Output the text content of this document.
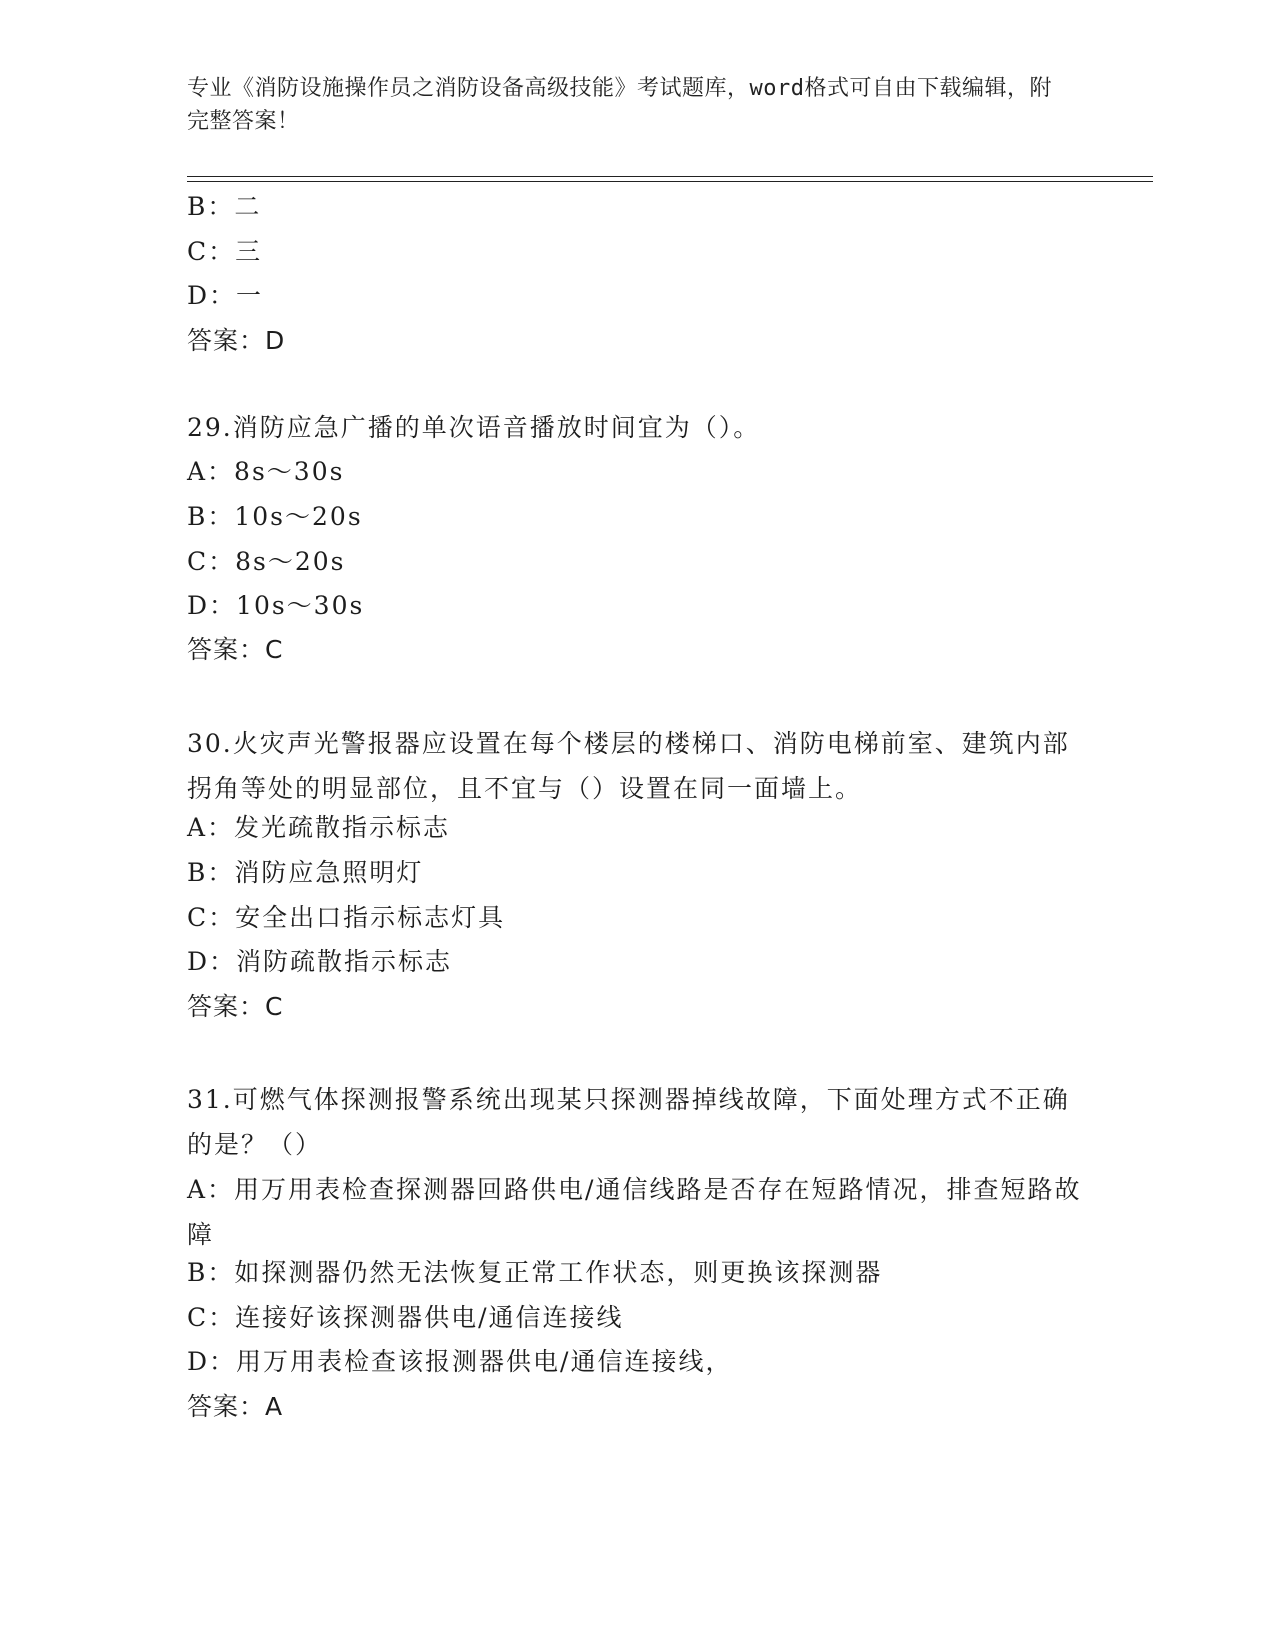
专业《消防设施操作员之消防设备高级技能》考试题库，word格式可自由下载编辑，附完整答案！
B：二
C：三
D：一
答案：D
29.消防应急广播的单次语音播放时间宜为（）。
A：8s～30s
B：10s～20s
C：8s～20s
D：10s～30s
答案：C
30.火灾声光警报器应设置在每个楼层的楼梯口、消防电梯前室、建筑内部拐角等处的明显部位，且不宜与（）设置在同一面墙上。
A：发光疏散指示标志
B：消防应急照明灯
C：安全出口指示标志灯具
D：消防疏散指示标志
答案：C
31.可燃气体探测报警系统出现某只探测器掉线故障，下面处理方式不正确的是？（）
A：用万用表检查探测器回路供电/通信线路是否存在短路情况，排查短路故障
B：如探测器仍然无法恢复正常工作状态，则更换该探测器
C：连接好该探测器供电/通信连接线
D：用万用表检查该报测器供电/通信连接线，
答案：A
